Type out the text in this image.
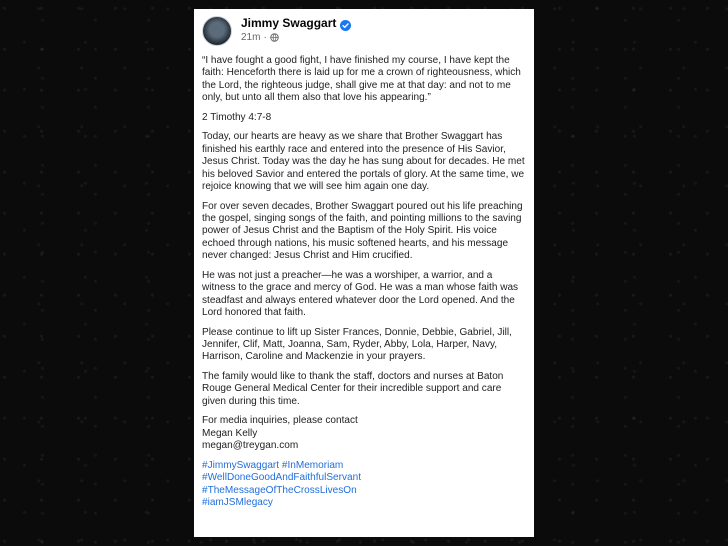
Jimmy Swaggart
21m ·

“I have fought a good fight, I have finished my course, I have kept the faith: Henceforth there is laid up for me a crown of righteousness, which the Lord, the righteous judge, shall give me at that day: and not to me only, but unto all them also that love his appearing.”

2 Timothy 4:7-8

Today, our hearts are heavy as we share that Brother Swaggart has finished his earthly race and entered into the presence of His Savior, Jesus Christ. Today was the day he has sung about for decades. He met his beloved Savior and entered the portals of glory. At the same time, we rejoice knowing that we will see him again one day.

For over seven decades, Brother Swaggart poured out his life preaching the gospel, singing songs of the faith, and pointing millions to the saving power of Jesus Christ and the Baptism of the Holy Spirit. His voice echoed through nations, his music softened hearts, and his message never changed: Jesus Christ and Him crucified.

He was not just a preacher—he was a worshiper, a warrior, and a witness to the grace and mercy of God. He was a man whose faith was steadfast and always entered whatever door the Lord opened. And the Lord honored that faith.

Please continue to lift up Sister Frances, Donnie, Debbie, Gabriel, Jill, Jennifer, Clif, Matt, Joanna, Sam, Ryder, Abby, Lola, Harper, Navy, Harrison, Caroline and Mackenzie in your prayers.

The family would like to thank the staff, doctors and nurses at Baton Rouge General Medical Center for their incredible support and care given during this time.

For media inquiries, please contact
Megan Kelly
megan@treygan.com

#JimmySwaggart #InMemoriam
#WellDoneGoodAndFaithfulServant
#TheMessageOfTheCrossLivesOn
#iamJSMlegacy
